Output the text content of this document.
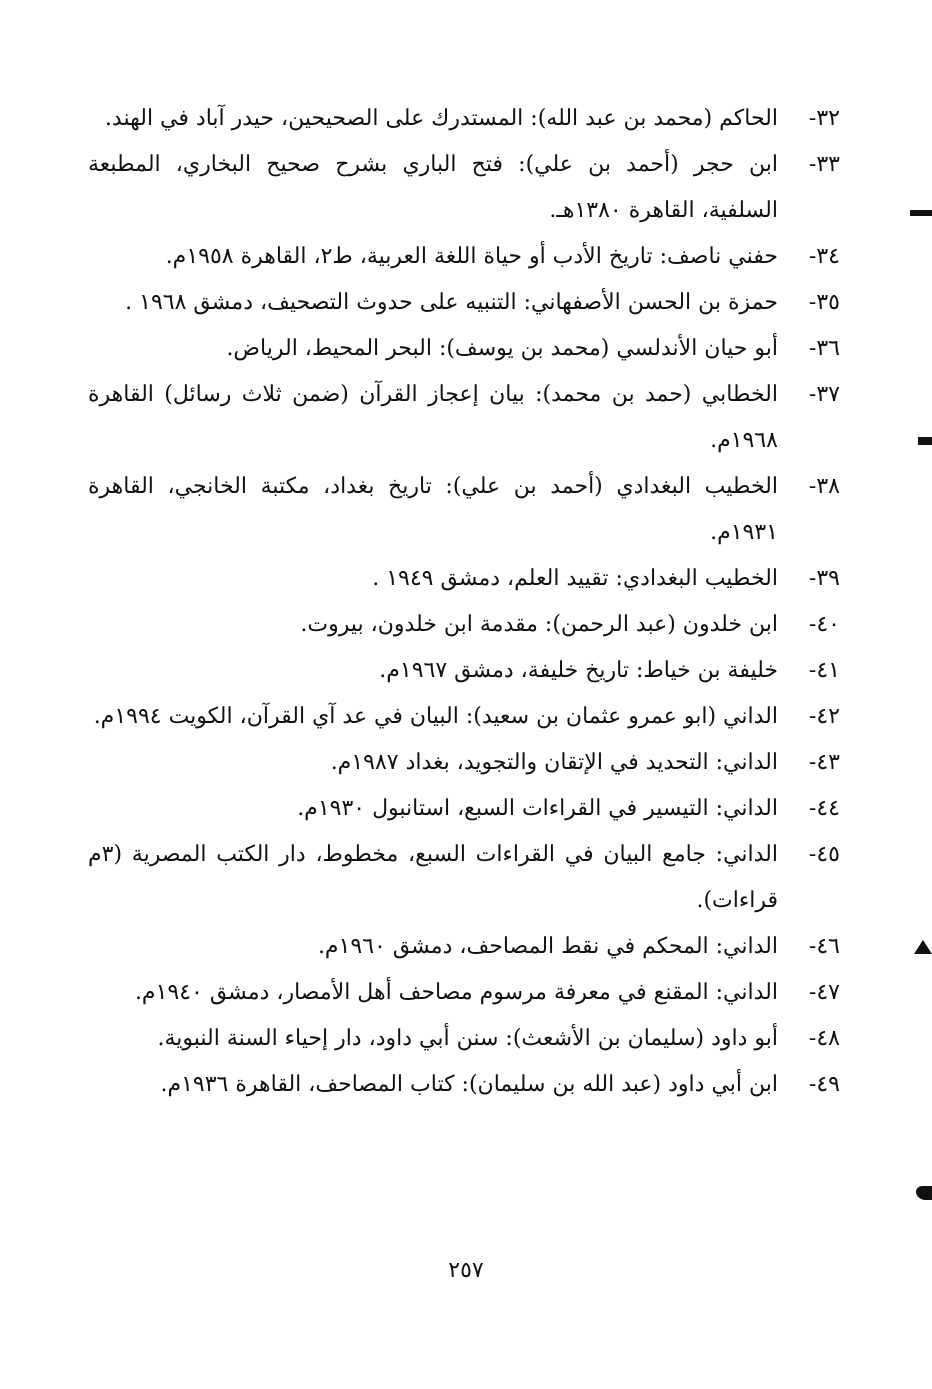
٣٢-
الحاكم (محمد بن عبد الله): المستدرك على الصحيحين، حيدر آباد في الهند.
٣٣-
ابن حجر (أحمد بن علي): فتح الباري بشرح صحيح البخاري، المطبعة السلفية، القاهرة ١٣٨٠هـ.
٣٤-
حفني ناصف: تاريخ الأدب أو حياة اللغة العربية، ط٢، القاهرة ١٩٥٨م.
٣٥-
حمزة بن الحسن الأصفهاني: التنبيه على حدوث التصحيف، دمشق ١٩٦٨ .
٣٦-
أبو حيان الأندلسي (محمد بن يوسف): البحر المحيط، الرياض.
٣٧-
الخطابي (حمد بن محمد): بيان إعجاز القرآن (ضمن ثلاث رسائل) القاهرة ١٩٦٨م.
٣٨-
الخطيب البغدادي (أحمد بن علي): تاريخ بغداد، مكتبة الخانجي، القاهرة ١٩٣١م.
٣٩-
الخطيب البغدادي: تقييد العلم، دمشق ١٩٤٩ .
٤٠-
ابن خلدون (عبد الرحمن): مقدمة ابن خلدون، بيروت.
٤١-
خليفة بن خياط: تاريخ خليفة، دمشق ١٩٦٧م.
٤٢-
الداني (ابو عمرو عثمان بن سعيد): البيان في عد آي القرآن، الكويت ١٩٩٤م.
٤٣-
الداني: التحديد في الإتقان والتجويد، بغداد ١٩٨٧م.
٤٤-
الداني: التيسير في القراءات السبع، استانبول ١٩٣٠م.
٤٥-
الداني: جامع البيان في القراءات السبع، مخطوط، دار الكتب المصرية (٣م قراءات).
٤٦-
الداني: المحكم في نقط المصاحف، دمشق ١٩٦٠م.
٤٧-
الداني: المقنع في معرفة مرسوم مصاحف أهل الأمصار، دمشق ١٩٤٠م.
٤٨-
أبو داود (سليمان بن الأشعث): سنن أبي داود، دار إحياء السنة النبوية.
٤٩-
ابن أبي داود (عبد الله بن سليمان): كتاب المصاحف، القاهرة ١٩٣٦م.
٢٥٧
